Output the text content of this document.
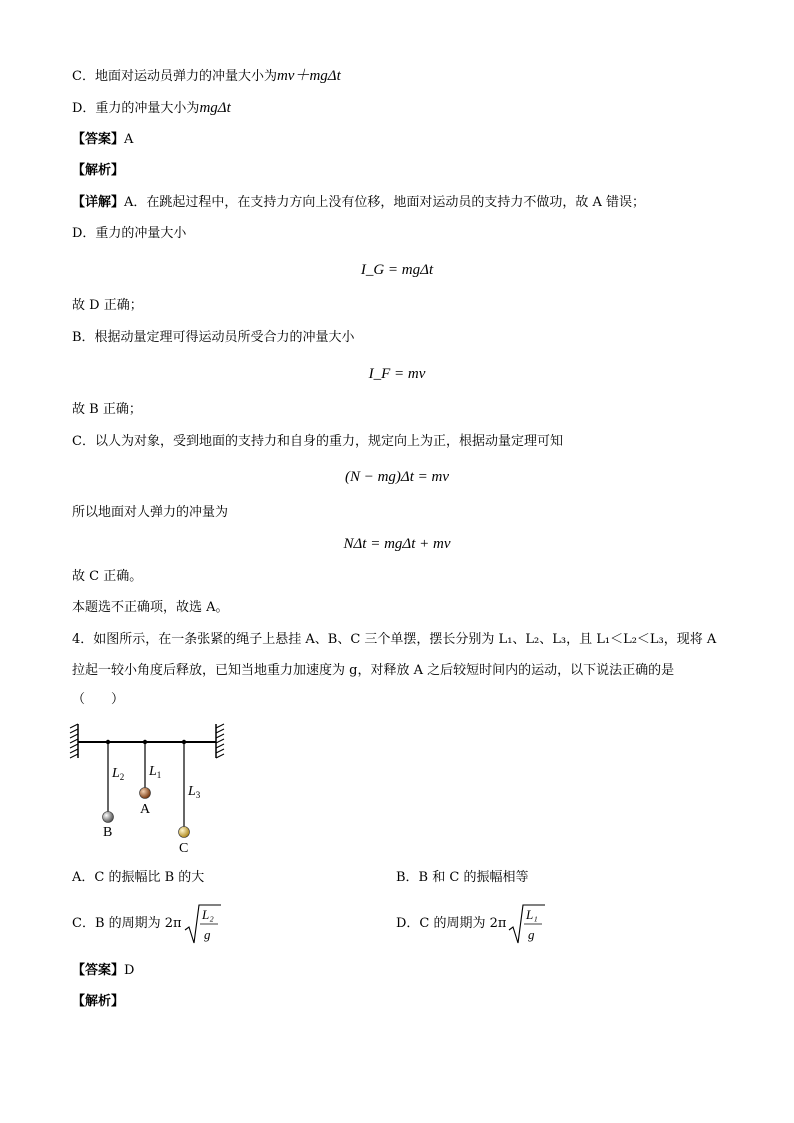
C．地面对运动员弹力的冲量大小为mv＋mgΔt
D．重力的冲量大小为mgΔt
【答案】A
【解析】
【详解】A．在跳起过程中，在支持力方向上没有位移，地面对运动员的支持力不做功，故 A 错误；
D．重力的冲量大小
I_G = mgΔt
故 D 正确；
B．根据动量定理可得运动员所受合力的冲量大小
I_F = mv
故 B 正确；
C．以人为对象，受到地面的支持力和自身的重力，规定向上为正，根据动量定理可知
(N − mg)Δt = mv
所以地面对人弹力的冲量为
NΔt = mgΔt + mv
故 C 正确。
本题选不正确项，故选 A。
4．如图所示，在一条张紧的绳子上悬挂 A、B、C 三个单摆，摆长分别为 L₁、L₂、L₃，且 L₁＜L₂＜L₃，现将 A
拉起一较小角度后释放，已知当地重力加速度为 g，对释放 A 之后较短时间内的运动，以下说法正确的是
（　　）
$L_2$ $L_1$
$L_3$
A
B
C
A．C 的振幅比 B 的大	B．B 和 C 的振幅相等
C．B 的周期为 2π
L₂
g
D．C 的周期为 2π
L₁
g
【答案】D
【解析】
